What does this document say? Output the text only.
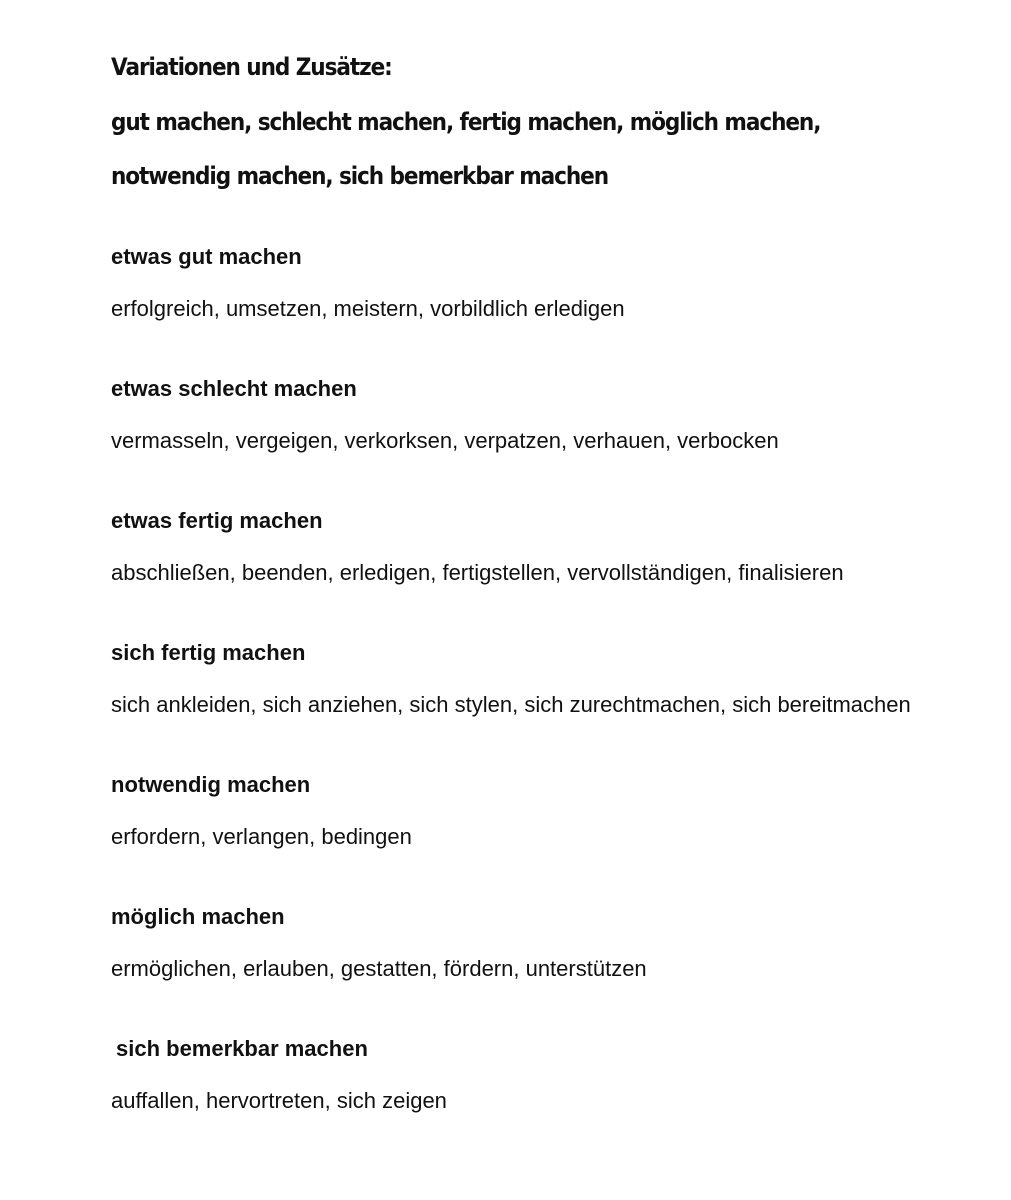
Variationen und Zusätze:
gut machen, schlecht machen, fertig machen, möglich machen,
notwendig machen, sich bemerkbar machen

etwas gut machen

erfolgreich, umsetzen, meistern, vorbildlich erledigen

etwas schlecht machen

vermasseln, vergeigen, verkorksen, verpatzen, verhauen, verbocken

etwas fertig machen

abschließen, beenden, erledigen, fertigstellen, vervollständigen, finalisieren

sich fertig machen

sich ankleiden, sich anziehen, sich stylen, sich zurechtmachen, sich bereitmachen

notwendig machen

erfordern, verlangen, bedingen

möglich machen

ermöglichen, erlauben, gestatten, fördern, unterstützen

sich bemerkbar machen

auffallen, hervortreten, sich zeigen
